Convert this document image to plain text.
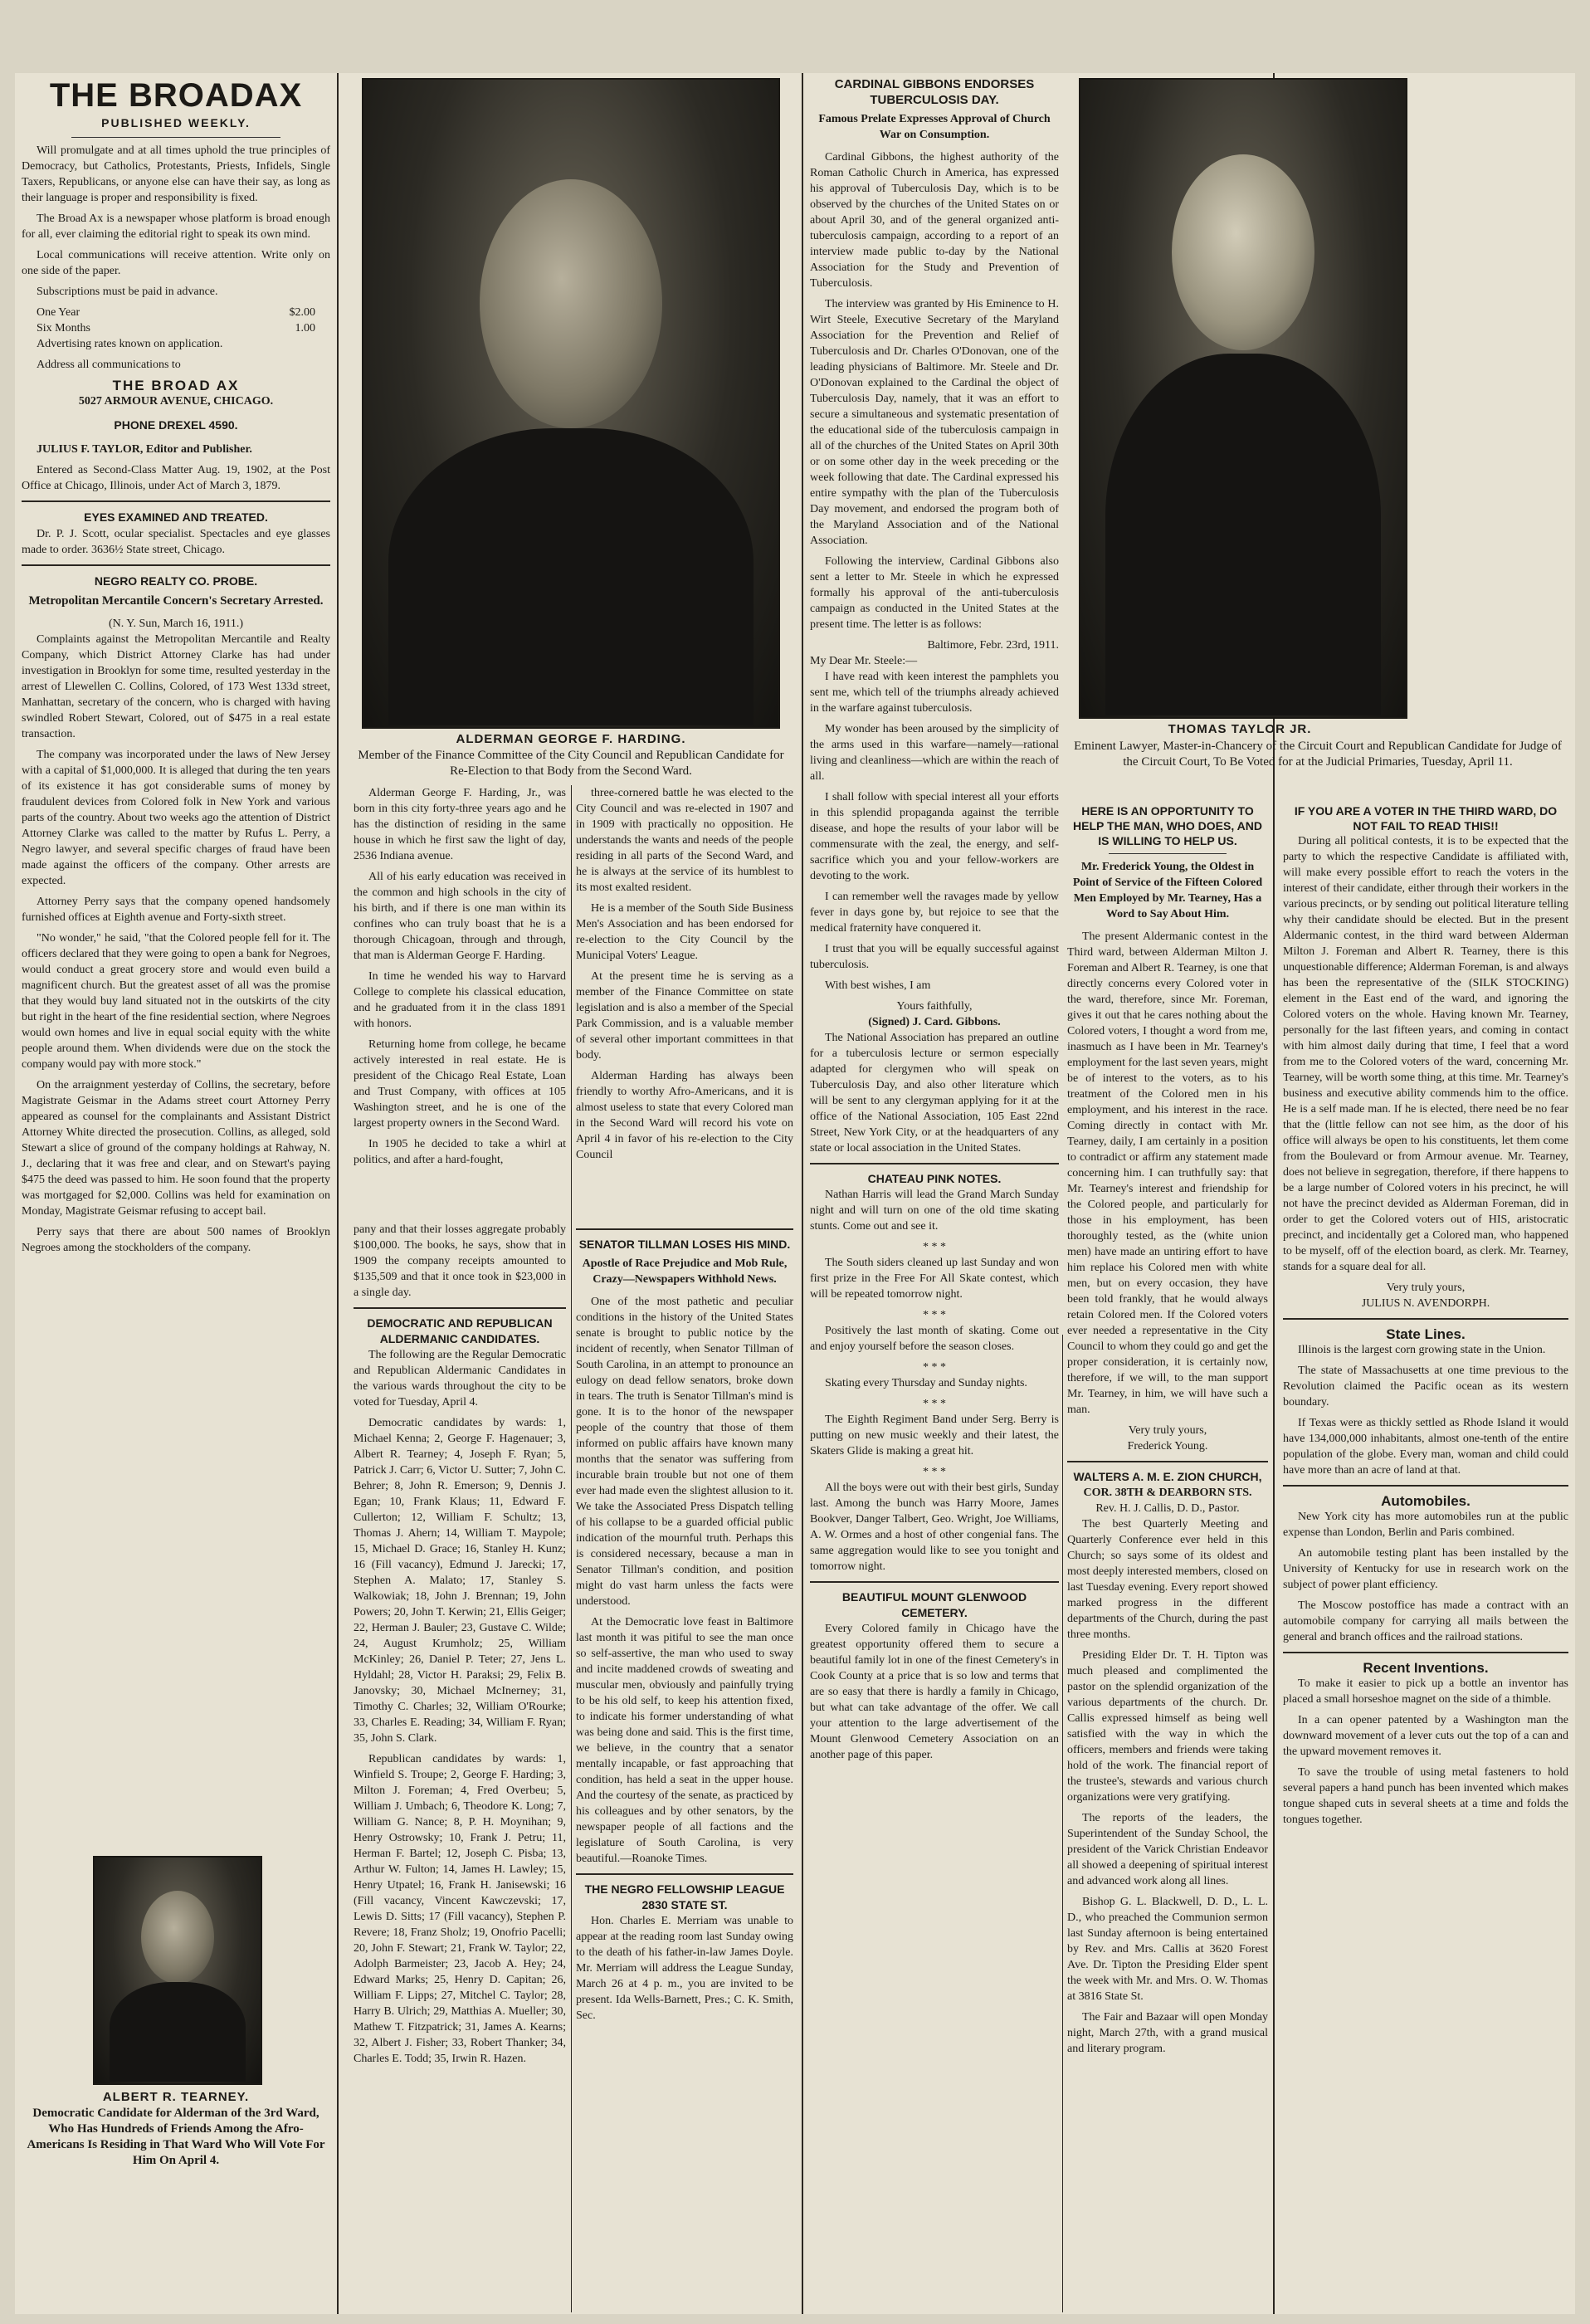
THE BROADAX
PUBLISHED WEEKLY.

Will promulgate and at all times uphold the true principles of Democracy, but Catholics, Protestants, Priests, Infidels, Single Taxers, Republicans, or anyone else can have their say, as long as their language is proper and responsibility is fixed.

The Broad Ax is a newspaper whose platform is broad enough for all, ever claiming the editorial right to speak its own mind.

Local communications will receive attention. Write only on one side of the paper.

Subscriptions must be paid in advance.

One Year	$2.00
Six Months	1.00

Advertising rates known on application.

Address all communications to

THE BROAD AX
5027 ARMOUR AVENUE, CHICAGO.
PHONE DREXEL 4590.

JULIUS F. TAYLOR, Editor and Publisher.

Entered as Second-Class Matter Aug. 19, 1902, at the Post Office at Chicago, Illinois, under Act of March 3, 1879.

EYES EXAMINED AND TREATED.

Dr. P. J. Scott, ocular specialist. Spectacles and eye glasses made to order. 3636½ State street, Chicago.

NEGRO REALTY CO. PROBE.
Metropolitan Mercantile Concern's Secretary Arrested.
(N. Y. Sun, March 16, 1911.)

Complaints against the Metropolitan Mercantile and Realty Company, which District Attorney Clarke has had under investigation in Brooklyn for some time, resulted yesterday in the arrest of Llewellen C. Collins, Colored, of 173 West 133d street, Manhattan, secretary of the concern, who is charged with having swindled Robert Stewart, Colored, out of $475 in a real estate transaction.

The company was incorporated under the laws of New Jersey with a capital of $1,000,000. It is alleged that during the ten years of its existence it has got considerable sums of money by fraudulent devices from Colored folk in New York and various parts of the country. About two weeks ago the attention of District Attorney Clarke was called to the matter by Rufus L. Perry, a Negro lawyer, and several specific charges of fraud have been made against the officers of the company. Other arrests are expected.

Attorney Perry says that the company opened handsomely furnished offices at Eighth avenue and Forty-sixth street.

"No wonder," he said, "that the Colored people fell for it. The officers declared that they were going to open a bank for Negroes, would conduct a great grocery store and would even build a magnificent church. But the greatest asset of all was the promise that they would buy land situated not in the outskirts of the city but right in the heart of the fine residential section, where Negroes would own homes and live in equal social equity with the white people around them. When dividends were due on the stock the company would pay with more stock."

On the arraignment yesterday of Collins, the secretary, before Magistrate Geismar in the Adams street court Attorney Perry appeared as counsel for the complainants and Assistant District Attorney White directed the prosecution. Collins, as alleged, sold Stewart a slice of ground of the company holdings at Rahway, N. J., declaring that it was free and clear, and on Stewart's paying $475 the deed was passed to him. He soon found that the property was mortgaged for $2,000. Collins was held for examination on Monday, Magistrate Geismar refusing to accept bail.

Perry says that there are about 500 names of Brooklyn Negroes among the stockholders of the company.

ALBERT R. TEARNEY.
Democratic Candidate for Alderman of the 3rd Ward, Who Has Hundreds of Friends Among the Afro-Americans Is Residing in That Ward Who Will Vote For Him On April 4.
ALDERMAN GEORGE F. HARDING.
Member of the Finance Committee of the City Council and Republican Candidate for Re-Election to that Body from the Second Ward.

Alderman George F. Harding, Jr., was born in this city forty-three years ago and he has the distinction of residing in the same house in which he first saw the light of day, 2536 Indiana avenue.

All of his early education was received in the common and high schools in the city of his birth, and if there is one man within its confines who can truly boast that he is a thorough Chicagoan, through and through, that man is Alderman George F. Harding.

In time he wended his way to Harvard College to complete his classical education, and he graduated from it in the class 1891 with honors.

Returning home from college, he became actively interested in real estate. He is president of the Chicago Real Estate, Loan and Trust Company, with offices at 105 Washington street, and he is one of the largest property owners in the Second Ward.

In 1905 he decided to take a whirl at politics, and after a hard-fought,

three-cornered battle he was elected to the City Council and was re-elected in 1907 and in 1909 with practically no opposition. He understands the wants and needs of the people residing in all parts of the Second Ward, and he is always at the service of its humblest to its most exalted resident.

He is a member of the South Side Business Men's Association and has been endorsed for re-election to the City Council by the Municipal Voters' League.

At the present time he is serving as a member of the Finance Committee on state legislation and is also a member of the Special Park Commission, and is a valuable member of several other important committees in that body.

Alderman Harding has always been friendly to worthy Afro-Americans, and it is almost useless to state that every Colored man in the Second Ward will record his vote on April 4 in favor of his re-election to the City Council

pany and that their losses aggregate probably $100,000. The books, he says, show that in 1909 the company receipts amounted to $135,509 and that it once took in $23,000 in a single day.

DEMOCRATIC AND REPUBLICAN ALDERMANIC CANDIDATES.

The following are the Regular Democratic and Republican Aldermanic Candidates in the various wards throughout the city to be voted for Tuesday, April 4.

Democratic candidates by wards: 1, Michael Kenna; 2, George F. Hagenauer; 3, Albert R. Tearney; 4, Joseph F. Ryan; 5, Patrick J. Carr; 6, Victor U. Sutter; 7, John C. Behrer; 8, John R. Emerson; 9, Dennis J. Egan; 10, Frank Klaus; 11, Edward F. Cullerton; 12, William F. Schultz; 13, Thomas J. Ahern; 14, William T. Maypole; 15, Michael D. Grace; 16, Stanley H. Kunz; 16 (Fill vacancy), Edmund J. Jarecki; 17, Stephen A. Malato; 17, Stanley S. Walkowiak; 18, John J. Brennan; 19, John Powers; 20, John T. Kerwin; 21, Ellis Geiger; 22, Herman J. Bauler; 23, Gustave C. Wilde; 24, August Krumholz; 25, William McKinley; 26, Daniel P. Teter; 27, Jens L. Hyldahl; 28, Victor H. Paraksi; 29, Felix B. Janovsky; 30, Michael McInerney; 31, Timothy C. Charles; 32, William O'Rourke; 33, Charles E. Reading; 34, William F. Ryan; 35, John S. Clark.

Republican candidates by wards: 1, Winfield S. Troupe; 2, George F. Harding; 3, Milton J. Foreman; 4, Fred Overbeu; 5, William J. Umbach; 6, Theodore K. Long; 7, William G. Nance; 8, P. H. Moynihan; 9, Henry Ostrowsky; 10, Frank J. Petru; 11, Herman F. Bartel; 12, Joseph C. Pisba; 13, Arthur W. Fulton; 14, James H. Lawley; 15, Henry Utpatel; 16, Frank H. Janisewski; 16 (Fill vacancy, Vincent Kawczevski; 17, Lewis D. Sitts; 17 (Fill vacancy), Stephen P. Revere; 18, Franz Sholz; 19, Onofrio Pacelli; 20, John F. Stewart; 21, Frank W. Taylor; 22, Adolph Barmeister; 23, Jacob A. Hey; 24, Edward Marks; 25, Henry D. Capitan; 26, William F. Lipps; 27, Mitchel C. Taylor; 28, Harry B. Ulrich; 29, Matthias A. Mueller; 30, Mathew T. Fitzpatrick; 31, James A. Kearns; 32, Albert J. Fisher; 33, Robert Thanker; 34, Charles E. Todd; 35, Irwin R. Hazen.

SENATOR TILLMAN LOSES HIS MIND.
Apostle of Race Prejudice and Mob Rule, Crazy—Newspapers Withhold News.

One of the most pathetic and peculiar conditions in the history of the United States senate is brought to public notice by the incident of recently, when Senator Tillman of South Carolina, in an attempt to pronounce an eulogy on dead fellow senators, broke down in tears. The truth is Senator Tillman's mind is gone. It is to the honor of the newspaper people of the country that those of them informed on public affairs have known many months that the senator was suffering from incurable brain trouble but not one of them ever had made even the slightest allusion to it. We take the Associated Press Dispatch telling of his collapse to be a guarded official public indication of the mournful truth. Perhaps this is considered necessary, because a man in Senator Tillman's condition, and position might do vast harm unless the facts were understood.

At the Democratic love feast in Baltimore last month it was pitiful to see the man once so self-assertive, the man who used to sway and incite maddened crowds of sweating and muscular men, obviously and painfully trying to be his old self, to keep his attention fixed, to indicate his former understanding of what was being done and said. This is the first time, we believe, in the country that a senator mentally incapable, or fast approaching that condition, has held a seat in the upper house. And the courtesy of the senate, as practiced by his colleagues and by other senators, by the newspaper people of all factions and the legislature of South Carolina, is very beautiful.—Roanoke Times.

THE NEGRO FELLOWSHIP LEAGUE 2830 STATE ST.

Hon. Charles E. Merriam was unable to appear at the reading room last Sunday owing to the death of his father-in-law James Doyle. Mr. Merriam will address the League Sunday, March 26 at 4 p. m., you are invited to be present. Ida Wells-Barnett, Pres.; C. K. Smith, Sec.

CARDINAL GIBBONS ENDORSES TUBERCULOSIS DAY.
Famous Prelate Expresses Approval of Church War on Consumption.

Cardinal Gibbons, the highest authority of the Roman Catholic Church in America, has expressed his approval of Tuberculosis Day, which is to be observed by the churches of the United States on or about April 30, and of the general organized anti-tuberculosis campaign, according to a report of an interview made public to-day by the National Association for the Study and Prevention of Tuberculosis.

The interview was granted by His Eminence to H. Wirt Steele, Executive Secretary of the Maryland Association for the Prevention and Relief of Tuberculosis and Dr. Charles O'Donovan, one of the leading physicians of Baltimore. Mr. Steele and Dr. O'Donovan explained to the Cardinal the object of Tuberculosis Day, namely, that it was an effort to secure a simultaneous and systematic presentation of the educational side of the tuberculosis campaign in all of the churches of the United States on April 30th or on some other day in the week preceding or the week following that date. The Cardinal expressed his entire sympathy with the plan of the Tuberculosis Day movement, and endorsed the program both of the Maryland Association and of the National Association.

Following the interview, Cardinal Gibbons also sent a letter to Mr. Steele in which he expressed formally his approval of the anti-tuberculosis campaign as conducted in the United States at the present time. The letter is as follows:

Baltimore, Febr. 23rd, 1911.
My Dear Mr. Steele:—

I have read with keen interest the pamphlets you sent me, which tell of the triumphs already achieved in the warfare against tuberculosis.

My wonder has been aroused by the simplicity of the arms used in this warfare—namely—rational living and cleanliness—which are within the reach of all.

I shall follow with special interest all your efforts in this splendid propaganda against the terrible disease, and hope the results of your labor will be commensurate with the zeal, the energy, and self-sacrifice which you and your fellow-workers are devoting to the work.

I can remember well the ravages made by yellow fever in days gone by, but rejoice to see that the medical fraternity have conquered it.

I trust that you will be equally successful against tuberculosis.

With best wishes, I am

Yours faithfully,
(Signed) J. Card. Gibbons.

The National Association has prepared an outline for a tuberculosis lecture or sermon especially adapted for clergymen who will speak on Tuberculosis Day, and also other literature which will be sent to any clergyman applying for it at the office of the National Association, 105 East 22nd Street, New York City, or at the headquarters of any state or local association in the United States.

CHATEAU PINK NOTES.

Nathan Harris will lead the Grand March Sunday night and will turn on one of the old time skating stunts. Come out and see it.

* * *

The South siders cleaned up last Sunday and won first prize in the Free For All Skate contest, which will be repeated tomorrow night.

* * *

Positively the last month of skating. Come out and enjoy yourself before the season closes.

* * *

Skating every Thursday and Sunday nights.

* * *

The Eighth Regiment Band under Serg. Berry is putting on new music weekly and their latest, the Skaters Glide is making a great hit.

* * *

All the boys were out with their best girls, Sunday last. Among the bunch was Harry Moore, James Bookver, Danger Talbert, Geo. Wright, Joe Williams, A. W. Ormes and a host of other congenial fans. The same aggregation would like to see you tonight and tomorrow night.

BEAUTIFUL MOUNT GLENWOOD CEMETERY.

Every Colored family in Chicago have the greatest opportunity offered them to secure a beautiful family lot in one of the finest Cemetery's in Cook County at a price that is so low and terms that are so easy that there is hardly a family in Chicago, but what can take advantage of the offer. We call your attention to the large advertisement of the Mount Glenwood Cemetery Association on an another page of this paper.

THOMAS TAYLOR JR.
Eminent Lawyer, Master-in-Chancery of the Circuit Court and Republican Candidate for Judge of the Circuit Court, To Be Voted for at the Judicial Primaries, Tuesday, April 11.
HERE IS AN OPPORTUNITY TO HELP THE MAN, WHO DOES, AND IS WILLING TO HELP US.
Mr. Frederick Young, the Oldest in Point of Service of the Fifteen Colored Men Employed by Mr. Tearney, Has a Word to Say About Him.

The present Aldermanic contest in the Third ward, between Alderman Milton J. Foreman and Albert R. Tearney, is one that directly concerns every Colored voter in the ward, therefore, since Mr. Foreman, gives it out that he cares nothing about the Colored voters, I thought a word from me, inasmuch as I have been in Mr. Tearney's employment for the last seven years, might be of interest to the voters, as to his treatment of the Colored men in his employment, and his interest in the race. Coming directly in contact with Mr. Tearney, daily, I am certainly in a position to contradict or affirm any statement made concerning him. I can truthfully say: that Mr. Tearney's interest and friendship for the Colored people, and particularly for those in his employment, has been thoroughly tested, as the (white union men) have made an untiring effort to have him replace his Colored men with white men, but on every occasion, they have been told frankly, that he would always retain Colored men. If the Colored voters ever needed a representative in the City Council to whom they could go and get the proper consideration, it is certainly now, therefore, if we will, to the man support Mr. Tearney, in him, we will have such a man.

Very truly yours,
Frederick Young.
WALTERS A. M. E. ZION CHURCH,
COR. 38TH & DEARBORN STS.
Rev. H. J. Callis, D. D., Pastor.

The best Quarterly Meeting and Quarterly Conference ever held in this Church; so says some of its oldest and most deeply interested members, closed on last Tuesday evening. Every report showed marked progress in the different departments of the Church, during the past three months.

Presiding Elder Dr. T. H. Tipton was much pleased and complimented the pastor on the splendid organization of the various departments of the church. Dr. Callis expressed himself as being well satisfied with the way in which the officers, members and friends were taking hold of the work. The financial report of the trustee's, stewards and various church organizations were very gratifying.

The reports of the leaders, the Superintendent of the Sunday School, the president of the Varick Christian Endeavor all showed a deepening of spiritual interest and advanced work along all lines.

Bishop G. L. Blackwell, D. D., L. L. D., who preached the Communion sermon last Sunday afternoon is being entertained by Rev. and Mrs. Callis at 3620 Forest Ave. Dr. Tipton the Presiding Elder spent the week with Mr. and Mrs. O. W. Thomas at 3816 State St.

The Fair and Bazaar will open Monday night, March 27th, with a grand musical and literary program.

IF YOU ARE A VOTER IN THE THIRD WARD, DO NOT FAIL TO READ THIS!!

During all political contests, it is to be expected that the party to which the respective Candidate is affiliated with, will make every possible effort to reach the voters in the interest of their candidate, either through their workers in the various precincts, or by sending out political literature telling why their candidate should be elected. But in the present Aldermanic contest, in the third ward between Alderman Milton J. Foreman and Albert R. Tearney, there is this unquestionable difference; Alderman Foreman, is and always has been the representative of the (SILK STOCKING) element in the East end of the ward, and ignoring the Colored voters on the whole. Having known Mr. Tearney, personally for the last fifteen years, and coming in contact with him almost daily during that time, I feel that a word from me to the Colored voters of the ward, concerning Mr. Tearney, will be worth some thing, at this time. Mr. Tearney's business and executive ability commends him to the office. He is a self made man. If he is elected, there need be no fear that the (little fellow can not see him, as the door of his office will always be open to his constituents, let them come from the Boulevard or from Armour avenue. Mr. Tearney, does not believe in segregation, therefore, if there happens to be a large number of Colored voters in his precinct, he will not have the precinct devided as Alderman Foreman, did in order to get the Colored voters out of HIS, aristocratic precinct, and incidentally get a Colored man, who happened to be myself, off of the election board, as clerk. Mr. Tearney, stands for a square deal for all.

Very truly yours,
JULIUS N. AVENDORPH.
State Lines.

Illinois is the largest corn growing state in the Union.

The state of Massachusetts at one time previous to the Revolution claimed the Pacific ocean as its western boundary.

If Texas were as thickly settled as Rhode Island it would have 134,000,000 inhabitants, almost one-tenth of the entire population of the globe. Every man, woman and child could have more than an acre of land at that.

Automobiles.

New York city has more automobiles run at the public expense than London, Berlin and Paris combined.

An automobile testing plant has been installed by the University of Kentucky for use in research work on the subject of power plant efficiency.

The Moscow postoffice has made a contract with an automobile company for carrying all mails between the general and branch offices and the railroad stations.

Recent Inventions.

To make it easier to pick up a bottle an inventor has placed a small horseshoe magnet on the side of a thimble.

In a can opener patented by a Washington man the downward movement of a lever cuts out the top of a can and the upward movement removes it.

To save the trouble of using metal fasteners to hold several papers a hand punch has been invented which makes tongue shaped cuts in several sheets at a time and folds the tongues together.
